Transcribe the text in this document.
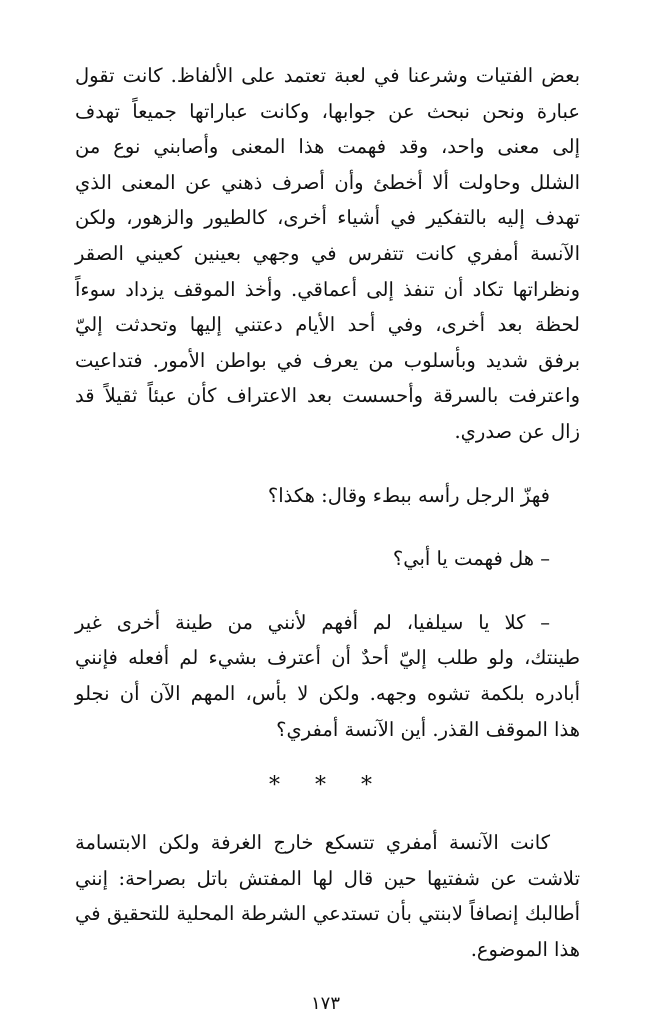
بعض الفتيات وشرعنا في لعبة تعتمد على الألفاظ. كانت تقول
عبارة ونحن نبحث عن جوابها، وكانت عباراتها جميعاً تهدف
إلى معنى واحد، وقد فهمت هذا المعنى وأصابني نوع من
الشلل وحاولت ألا أخطئ وأن أصرف ذهني عن المعنى الذي
تهدف إليه بالتفكير في أشياء أخرى، كالطيور والزهور، ولكن
الآنسة أمفري كانت تتفرس في وجهي بعينين كعيني الصقر
ونظراتها تكاد أن تنفذ إلى أعماقي. وأخذ الموقف يزداد سوءاً
لحظة بعد أخرى، وفي أحد الأيام دعتني إليها وتحدثت إليّ
برفق شديد وبأسلوب من يعرف في بواطن الأمور. فتداعيت
واعترفت بالسرقة وأحسست بعد الاعتراف كأن عبئاً ثقيلاً قد
زال عن صدري.
فهزّ الرجل رأسه ببطء وقال: هكذا؟
– هل فهمت يا أبي؟
– كلا يا سيلفيا، لم أفهم لأنني من طينة أخرى غير
طينتك، ولو طلب إليّ أحدٌ أن أعترف بشيء لم أفعله فإنني
أبادره بلكمة تشوه وجهه. ولكن لا بأس، المهم الآن أن نجلو
هذا الموقف القذر. أين الآنسة أمفري؟
* * *
كانت الآنسة أمفري تتسكع خارج الغرفة ولكن الابتسامة
تلاشت عن شفتيها حين قال لها المفتش باتل بصراحة: إنني
أطالبك إنصافاً لابنتي بأن تستدعي الشرطة المحلية للتحقيق في
هذا الموضوع.
١٧٣
